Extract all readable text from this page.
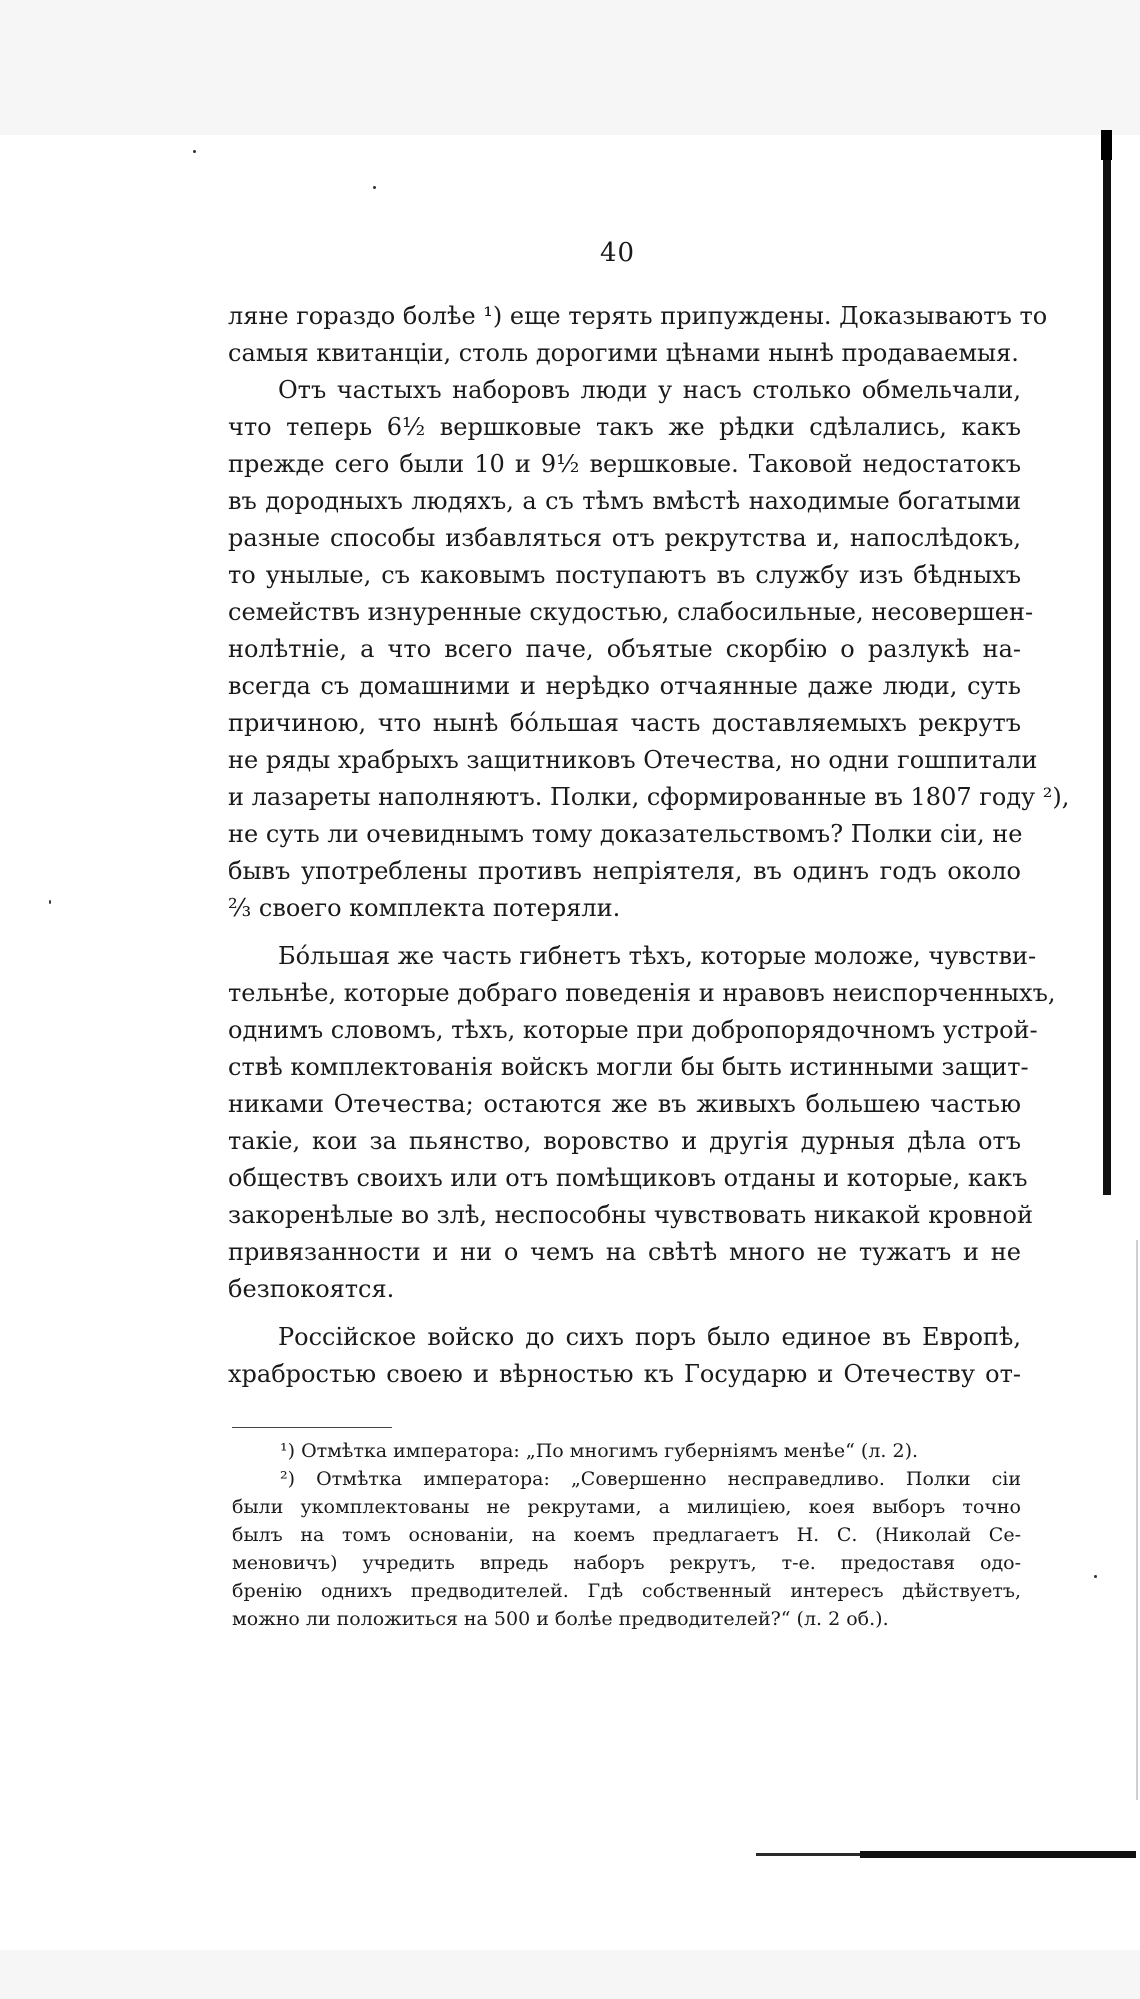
40
ляне гораздо болѣе ¹) еще терять припуждены. Доказываютъ то
самыя квитанціи, столь дорогими цѣнами нынѣ продаваемыя.
Отъ частыхъ наборовъ люди у насъ столько обмельчали,
что теперь 6½ вершковые такъ же рѣдки сдѣлались, какъ
прежде сего были 10 и 9½ вершковые. Таковой недостатокъ
въ дородныхъ людяхъ, а съ тѣмъ вмѣстѣ находимые богатыми
разные способы избавляться отъ рекрутства и, напослѣдокъ,
то унылые, съ каковымъ поступаютъ въ службу изъ бѣдныхъ
семействъ изнуренные скудостью, слабосильные, несовершен-
нолѣтніе, а что всего паче, объятые скорбію о разлукѣ на-
всегда съ домашними и нерѣдко отчаянные даже люди, суть
причиною, что нынѣ бо́льшая часть доставляемыхъ рекрутъ
не ряды храбрыхъ защитниковъ Отечества, но одни гошпитали
и лазареты наполняютъ. Полки, сформированные въ 1807 году ²),
не суть ли очевиднымъ тому доказательствомъ? Полки сіи, не
бывъ употреблены противъ непріятеля, въ одинъ годъ около
⅔ своего комплекта потеряли.
Бо́льшая же часть гибнетъ тѣхъ, которые моложе, чувстви-
тельнѣе, которые добраго поведенія и нравовъ неиспорченныхъ,
однимъ словомъ, тѣхъ, которые при добропорядочномъ устрой-
ствѣ комплектованія войскъ могли бы быть истинными защит-
никами Отечества; остаются же въ живыхъ большею частью
такіе, кои за пьянство, воровство и другія дурныя дѣла отъ
обществъ своихъ или отъ помѣщиковъ отданы и которые, какъ
закоренѣлые во злѣ, неспособны чувствовать никакой кровной
привязанности и ни о чемъ на свѣтѣ много не тужатъ и не
безпокоятся.
Россійское войско до сихъ поръ было единое въ Европѣ,
храбростью своею и вѣрностью къ Государю и Отечеству от-
¹) Отмѣтка императора: „По многимъ губерніямъ менѣе“ (л. 2).
²) Отмѣтка императора: „Совершенно несправедливо. Полки сіи
были укомплектованы не рекрутами, а милиціею, коея выборъ точно
былъ на томъ основаніи, на коемъ предлагаетъ Н. С. (Николай Се-
меновичъ) учредить впредь наборъ рекрутъ, т-е. предоставя одо-
бренію однихъ предводителей. Гдѣ собственный интересъ дѣйствуетъ,
можно ли положиться на 500 и болѣе предводителей?“ (л. 2 об.).
